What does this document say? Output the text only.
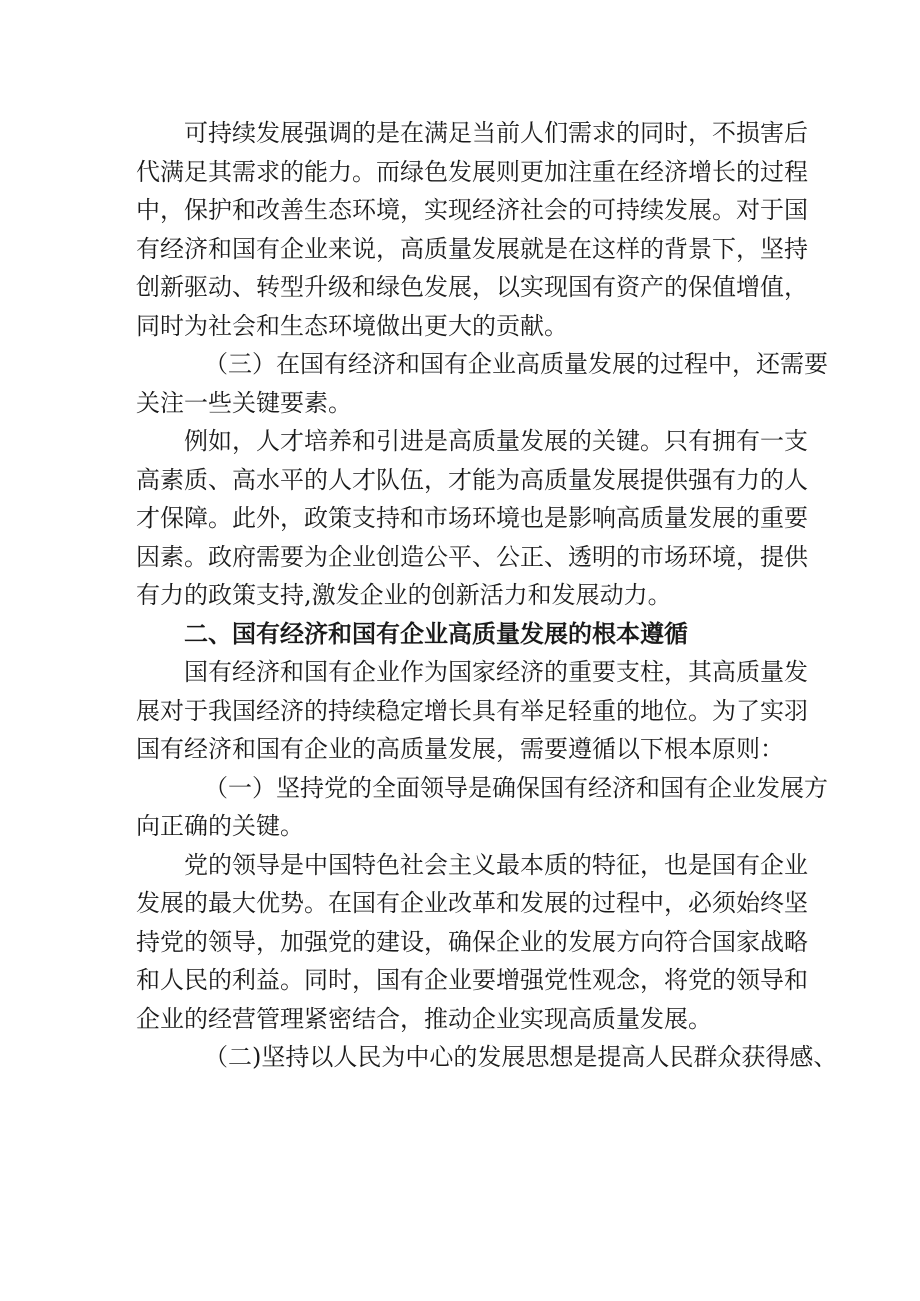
可持续发展强调的是在满足当前人们需求的同时，不损害后
代满足其需求的能力。而绿色发展则更加注重在经济增长的过程
中，保护和改善生态环境，实现经济社会的可持续发展。对于国
有经济和国有企业来说，高质量发展就是在这样的背景下，坚持
创新驱动、转型升级和绿色发展，以实现国有资产的保值增值，
同时为社会和生态环境做出更大的贡献。
（三）在国有经济和国有企业高质量发展的过程中，还需要
关注一些关键要素。
例如，人才培养和引进是高质量发展的关键。只有拥有一支
高素质、高水平的人才队伍，才能为高质量发展提供强有力的人
才保障。此外，政策支持和市场环境也是影响高质量发展的重要
因素。政府需要为企业创造公平、公正、透明的市场环境，提供
有力的政策支持,激发企业的创新活力和发展动力。
二、国有经济和国有企业高质量发展的根本遵循
国有经济和国有企业作为国家经济的重要支柱，其高质量发
展对于我国经济的持续稳定增长具有举足轻重的地位。为了实羽
国有经济和国有企业的高质量发展，需要遵循以下根本原则：
（一）坚持党的全面领导是确保国有经济和国有企业发展方
向正确的关键。
党的领导是中国特色社会主义最本质的特征，也是国有企业
发展的最大优势。在国有企业改革和发展的过程中，必须始终坚
持党的领导，加强党的建设，确保企业的发展方向符合国家战略
和人民的利益。同时，国有企业要增强党性观念，将党的领导和
企业的经营管理紧密结合，推动企业实现高质量发展。
（二)坚持以人民为中心的发展思想是提高人民群众获得感、
